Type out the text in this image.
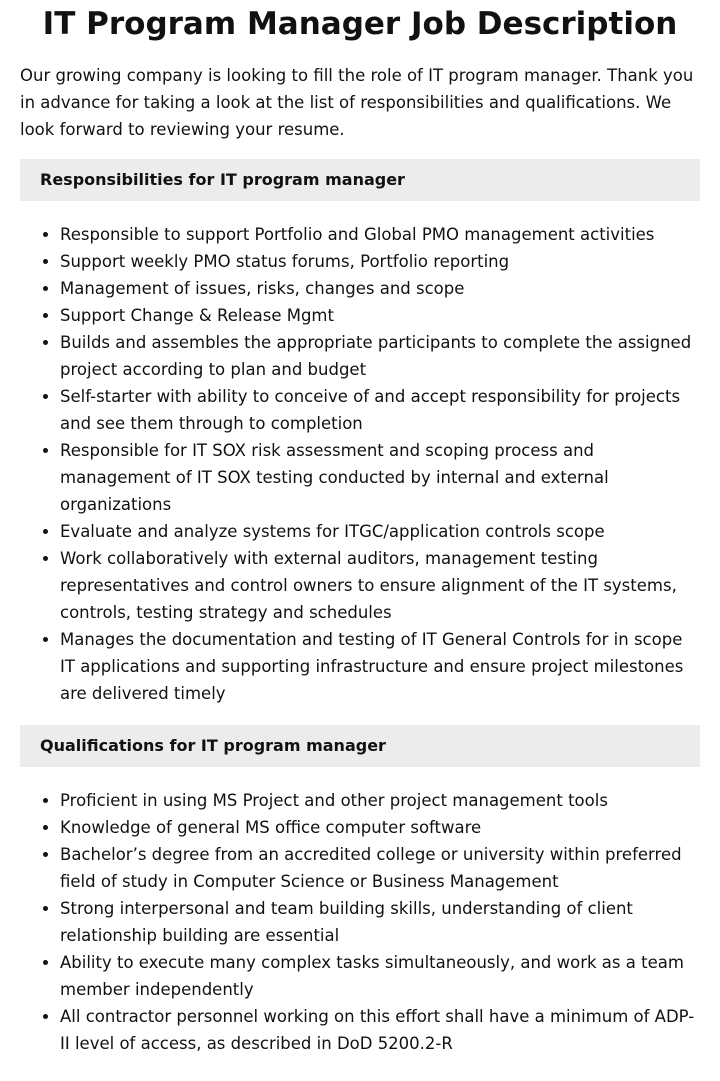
IT Program Manager Job Description

Our growing company is looking to fill the role of IT program manager. Thank you in advance for taking a look at the list of responsibilities and qualifications. We look forward to reviewing your resume.

Responsibilities for IT program manager
• Responsible to support Portfolio and Global PMO management activities
• Support weekly PMO status forums, Portfolio reporting
• Management of issues, risks, changes and scope
• Support Change & Release Mgmt
• Builds and assembles the appropriate participants to complete the assigned project according to plan and budget
• Self-starter with ability to conceive of and accept responsibility for projects and see them through to completion
• Responsible for IT SOX risk assessment and scoping process and management of IT SOX testing conducted by internal and external organizations
• Evaluate and analyze systems for ITGC/application controls scope
• Work collaboratively with external auditors, management testing representatives and control owners to ensure alignment of the IT systems, controls, testing strategy and schedules
• Manages the documentation and testing of IT General Controls for in scope IT applications and supporting infrastructure and ensure project milestones are delivered timely
Qualifications for IT program manager
• Proficient in using MS Project and other project management tools
• Knowledge of general MS office computer software
• Bachelor’s degree from an accredited college or university within preferred field of study in Computer Science or Business Management
• Strong interpersonal and team building skills, understanding of client relationship building are essential
• Ability to execute many complex tasks simultaneously, and work as a team member independently
• All contractor personnel working on this effort shall have a minimum of ADP-II level of access, as described in DoD 5200.2-R
